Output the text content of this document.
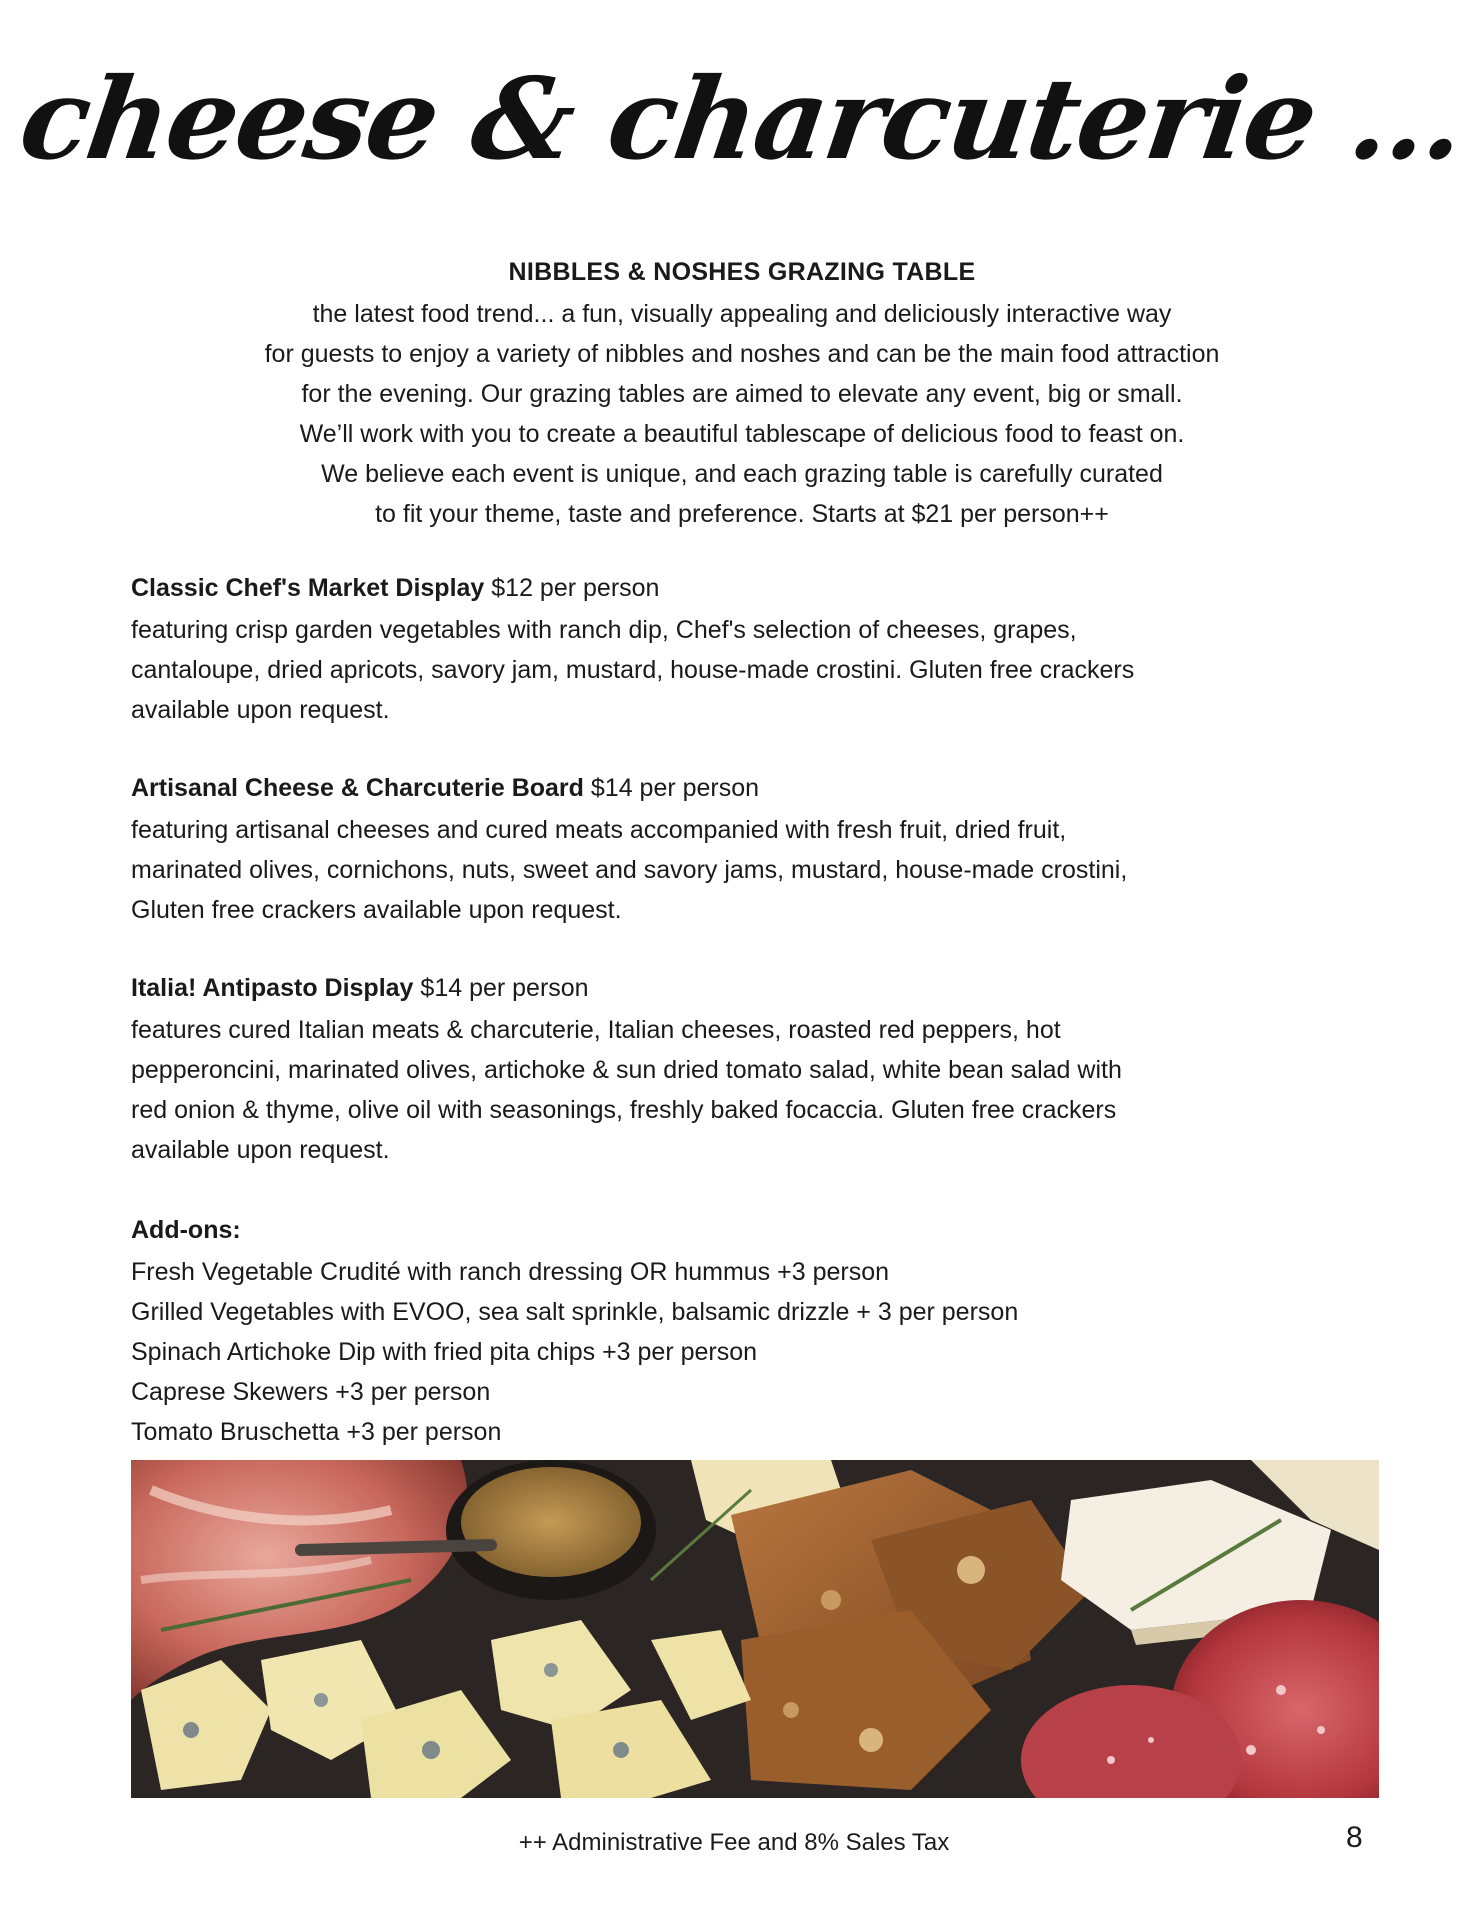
cheese & charcuterie ...
NIBBLES & NOSHES GRAZING TABLE
the latest food trend... a fun, visually appealing and deliciously interactive way
for guests to enjoy a variety of nibbles and noshes and can be the main food attraction
for the evening. Our grazing tables are aimed to elevate any event, big or small.
We’ll work with you to create a beautiful tablescape of delicious food to feast on.
We believe each event is unique, and each grazing table is carefully curated
to fit your theme, taste and preference. Starts at $21 per person++
Classic Chef's Market Display $12 per person
featuring crisp garden vegetables with ranch dip, Chef's selection of cheeses, grapes,
cantaloupe, dried apricots, savory jam, mustard, house-made crostini. Gluten free crackers
available upon request.
Artisanal Cheese & Charcuterie Board $14 per person
featuring artisanal cheeses and cured meats accompanied with fresh fruit, dried fruit,
marinated olives, cornichons, nuts, sweet and savory jams, mustard, house-made crostini,
Gluten free crackers available upon request.
Italia! Antipasto Display $14 per person
features cured Italian meats & charcuterie, Italian cheeses, roasted red peppers, hot
pepperoncini, marinated olives, artichoke & sun dried tomato salad, white bean salad with
red onion & thyme, olive oil with seasonings, freshly baked focaccia. Gluten free crackers
available upon request.
Add-ons:
Fresh Vegetable Crudité with ranch dressing OR hummus +3 person
Grilled Vegetables with EVOO, sea salt sprinkle, balsamic drizzle + 3 per person
Spinach Artichoke Dip with fried pita chips +3 per person
Caprese Skewers +3 per person
Tomato Bruschetta +3 per person
++ Administrative Fee and 8% Sales Tax	8
